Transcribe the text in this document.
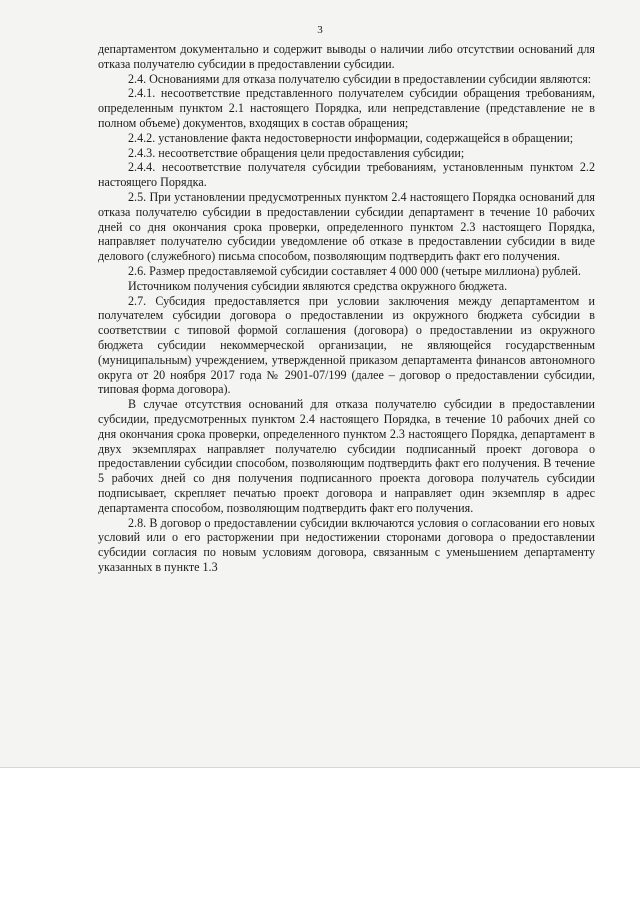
3

департаментом документально и содержит выводы о наличии либо отсутствии оснований для отказа получателю субсидии в предоставлении субсидии.

2.4. Основаниями для отказа получателю субсидии в предоставлении субсидии являются:

2.4.1. несоответствие представленного получателем субсидии обращения требованиям, определенным пунктом 2.1 настоящего Порядка, или непредставление (представление не в полном объеме) документов, входящих в состав обращения;

2.4.2. установление факта недостоверности информации, содержащейся в обращении;

2.4.3. несоответствие обращения цели предоставления субсидии;

2.4.4. несоответствие получателя субсидии требованиям, установленным пунктом 2.2 настоящего Порядка.

2.5. При установлении предусмотренных пунктом 2.4 настоящего Порядка оснований для отказа получателю субсидии в предоставлении субсидии департамент в течение 10 рабочих дней со дня окончания срока проверки, определенного пунктом 2.3 настоящего Порядка, направляет получателю субсидии уведомление об отказе в предоставлении субсидии в виде делового (служебного) письма способом, позволяющим подтвердить факт его получения.

2.6. Размер предоставляемой субсидии составляет 4 000 000 (четыре миллиона) рублей.

Источником получения субсидии являются средства окружного бюджета.

2.7. Субсидия предоставляется при условии заключения между департаментом и получателем субсидии договора о предоставлении из окружного бюджета субсидии в соответствии с типовой формой соглашения (договора) о предоставлении из окружного бюджета субсидии некоммерческой организации, не являющейся государственным (муниципальным) учреждением, утвержденной приказом департамента финансов автономного округа от 20 ноября 2017 года № 2901-07/199 (далее – договор о предоставлении субсидии, типовая форма договора).

В случае отсутствия оснований для отказа получателю субсидии в предоставлении субсидии, предусмотренных пунктом 2.4 настоящего Порядка, в течение 10 рабочих дней со дня окончания срока проверки, определенного пунктом 2.3 настоящего Порядка, департамент в двух экземплярах направляет получателю субсидии подписанный проект договора о предоставлении субсидии способом, позволяющим подтвердить факт его получения. В течение 5 рабочих дней со дня получения подписанного проекта договора получатель субсидии подписывает, скрепляет печатью проект договора и направляет один экземпляр в адрес департамента способом, позволяющим подтвердить факт его получения.

2.8. В договор о предоставлении субсидии включаются условия о согласовании его новых условий или о его расторжении при недостижении сторонами договора о предоставлении субсидии согласия по новым условиям договора, связанным с уменьшением департаменту указанных в пункте 1.3
